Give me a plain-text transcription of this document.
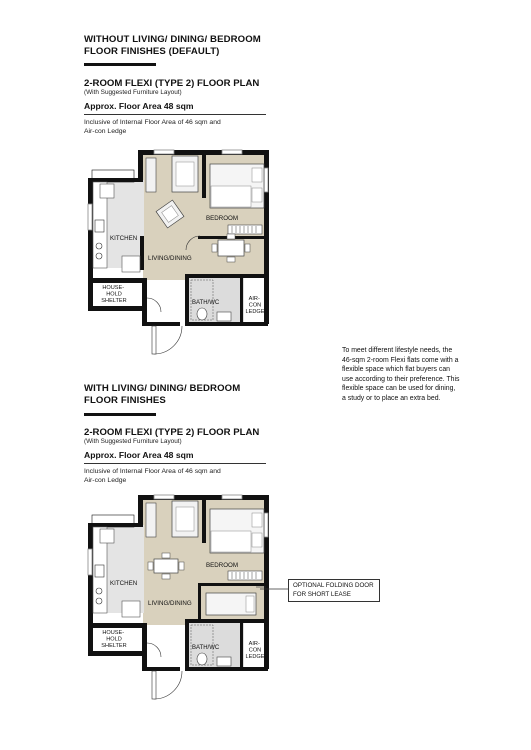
WITHOUT LIVING/ DINING/ BEDROOM
FLOOR FINISHES (DEFAULT)
2-ROOM FLEXI (TYPE 2) FLOOR PLAN
(With Suggested Furniture Layout)
Approx. Floor Area 48 sqm
Inclusive of Internal Floor Area of 46 sqm and
Air-con Ledge
KITCHEN
BEDROOM
LIVING/DINING
BATH/WC
HOUSE- HOLD SHELTER	AIR- CON LEDGE
To meet different lifestyle needs, the
46-sqm 2-room Flexi flats come with a
flexible space which flat buyers can
use according to their preference. This
flexible space can be used for dining,
a study or to place an extra bed.
WITH LIVING/ DINING/ BEDROOM
FLOOR FINISHES
2-ROOM FLEXI (TYPE 2) FLOOR PLAN
(With Suggested Furniture Layout)
Approx. Floor Area 48 sqm
Inclusive of Internal Floor Area of 46 sqm and
Air-con Ledge
KITCHEN
BEDROOM
LIVING/DINING
BATH/WC
HOUSE- HOLD SHELTER	AIR- CON LEDGE
OPTIONAL FOLDING DOOR
FOR SHORT LEASE
